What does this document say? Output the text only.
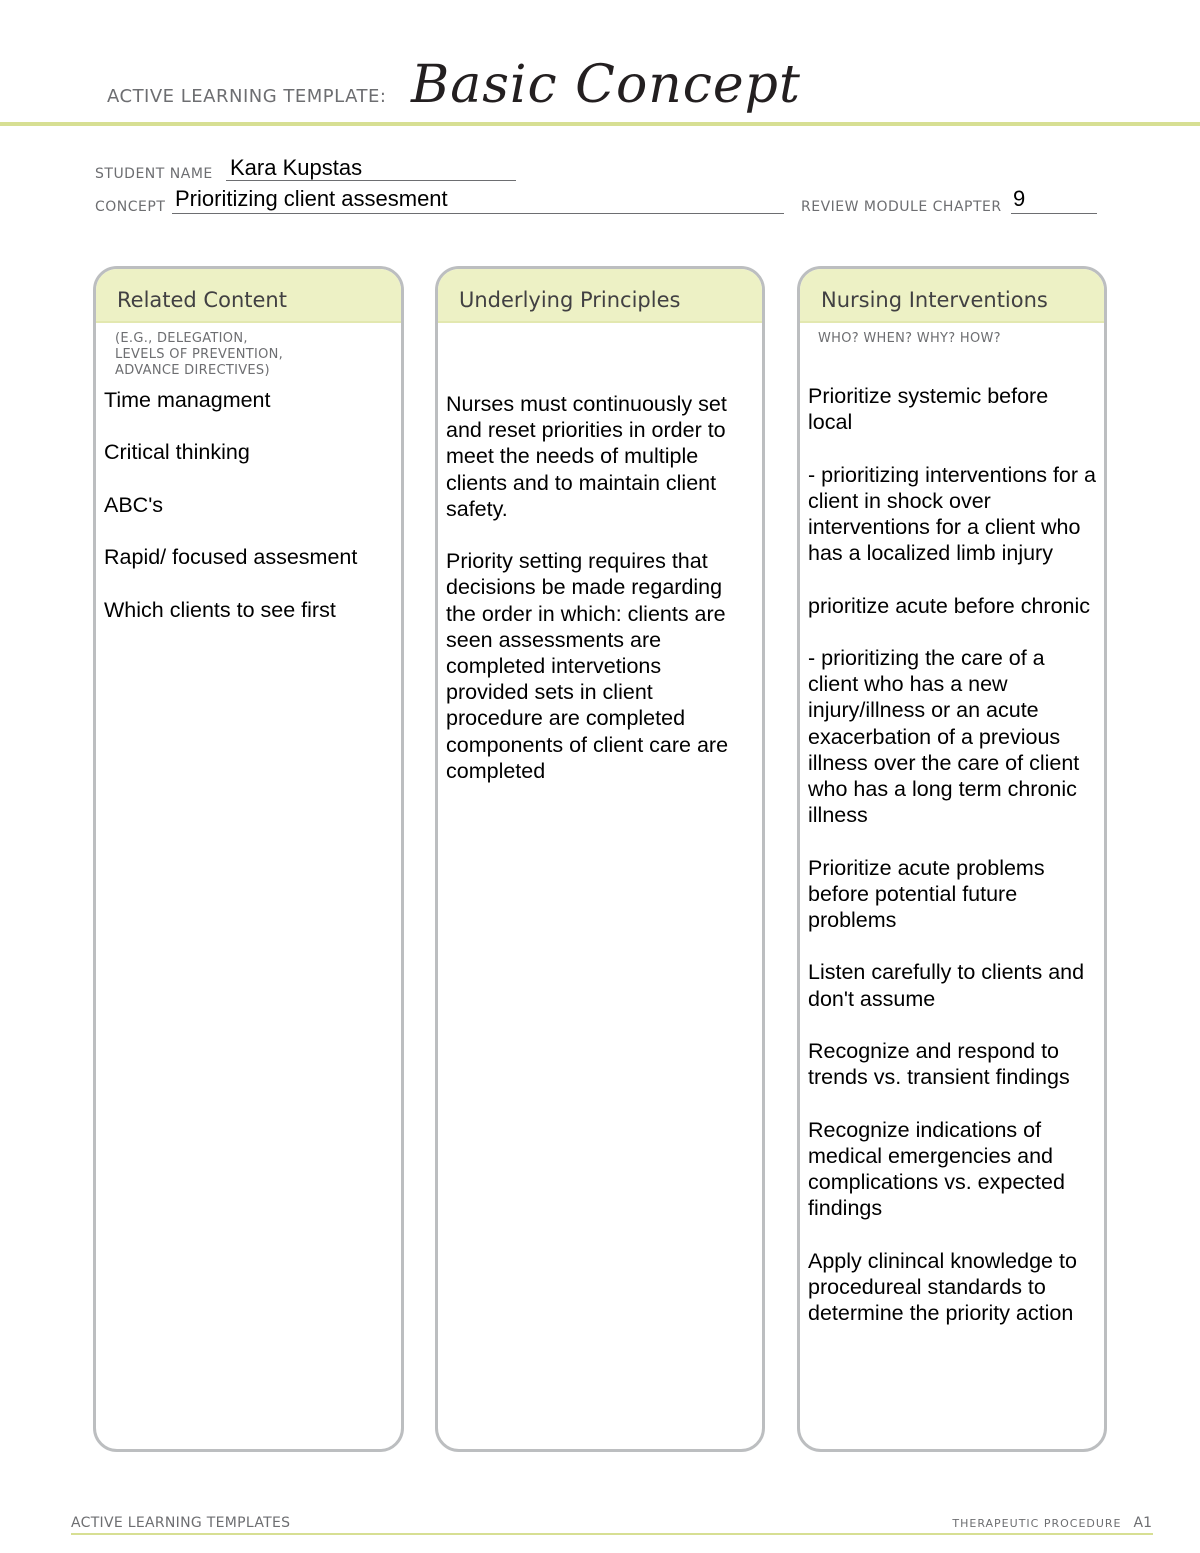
ACTIVE LEARNING TEMPLATE: Basic Concept
STUDENT NAME Kara Kupstas
CONCEPT Prioritizing client assesment	REVIEW MODULE CHAPTER 9
Related Content
(E.G., DELEGATION,
LEVELS OF PREVENTION,
ADVANCE DIRECTIVES)

Time managment

Critical thinking

ABC's

Rapid/ focused assesment

Which clients to see first

Underlying Principles

Nurses must continuously set and reset priorities in order to meet the needs of multiple clients and to maintain client safety.

Priority setting requires that decisions be made regarding the order in which: clients are seen assessments are completed intervetions provided sets in client procedure are completed components of client care are completed

Nursing Interventions
WHO? WHEN? WHY? HOW?

Prioritize systemic before local

- prioritizing interventions for a client in shock over interventions for a client who has a localized limb injury

prioritize acute before chronic

- prioritizing the care of a client who has a new injury/illness or an acute exacerbation of a previous illness over the care of client who has a long term chronic illness

Prioritize acute problems before potential future problems

Listen carefully to clients and don't assume

Recognize and respond to trends vs. transient findings

Recognize indications of medical emergencies and complications vs. expected findings

Apply clinincal knowledge to procedureal standards to determine the priority action

ACTIVE LEARNING TEMPLATES	THERAPEUTIC PROCEDURE A1
